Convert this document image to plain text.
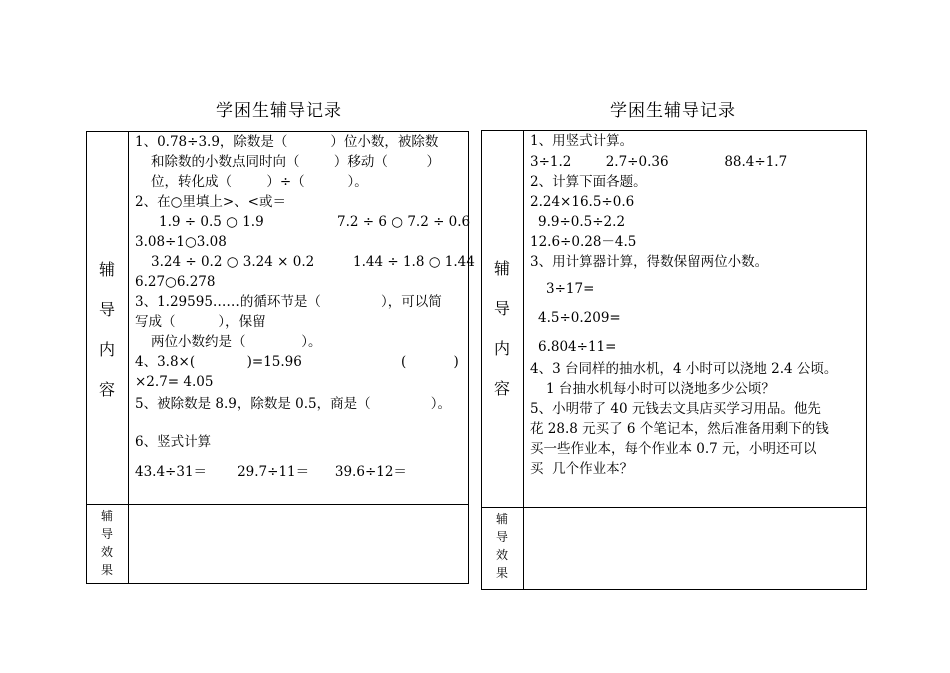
学困生辅导记录
辅
导
内
容
辅
导
效
果
1、0.78÷3.9，除数是（          ）位小数，被除数
和除数的小数点同时向（        ）移动（         ）
位，转化成（        ）÷（          ）。
2、在○里填上>、<或＝
1.9 ÷ 0.5 ○ 1.9	7.2 ÷ 6 ○ 7.2 ÷ 0.6
3.08÷1○3.08
3.24 ÷ 0.2 ○ 3.24 × 0.2	1.44 ÷ 1.8 ○ 1.44
6.27○6.278
3、1.29595……的循环节是（              ），可以简
写成（          ），保留
两位小数约是（             ）。
4、3.8×(            )=15.96	(           )
×2.7= 4.05
5、被除数是 8.9，除数是 0.5，商是（              ）。
6、竖式计算
43.4÷31＝       29.7÷11＝      39.6÷12＝
学困生辅导记录
辅
导
内
容
辅
导
效
果
1、用竖式计算。
3÷1.2        2.7÷0.36             88.4÷1.7
2、计算下面各题。
2.24×16.5÷0.6
9.9÷0.5÷2.2
12.6÷0.28－4.5
3、用计算器计算，得数保留两位小数。
3÷17=
4.5÷0.209=
6.804÷11=
4、3 台同样的抽水机，4 小时可以浇地 2.4 公顷。
1 台抽水机每小时可以浇地多少公顷？
5、小明带了 40 元钱去文具店买学习用品。他先
花 28.8 元买了 6 个笔记本，然后准备用剩下的钱
买一些作业本，每个作业本 0.7 元，小明还可以
买  几个作业本？
